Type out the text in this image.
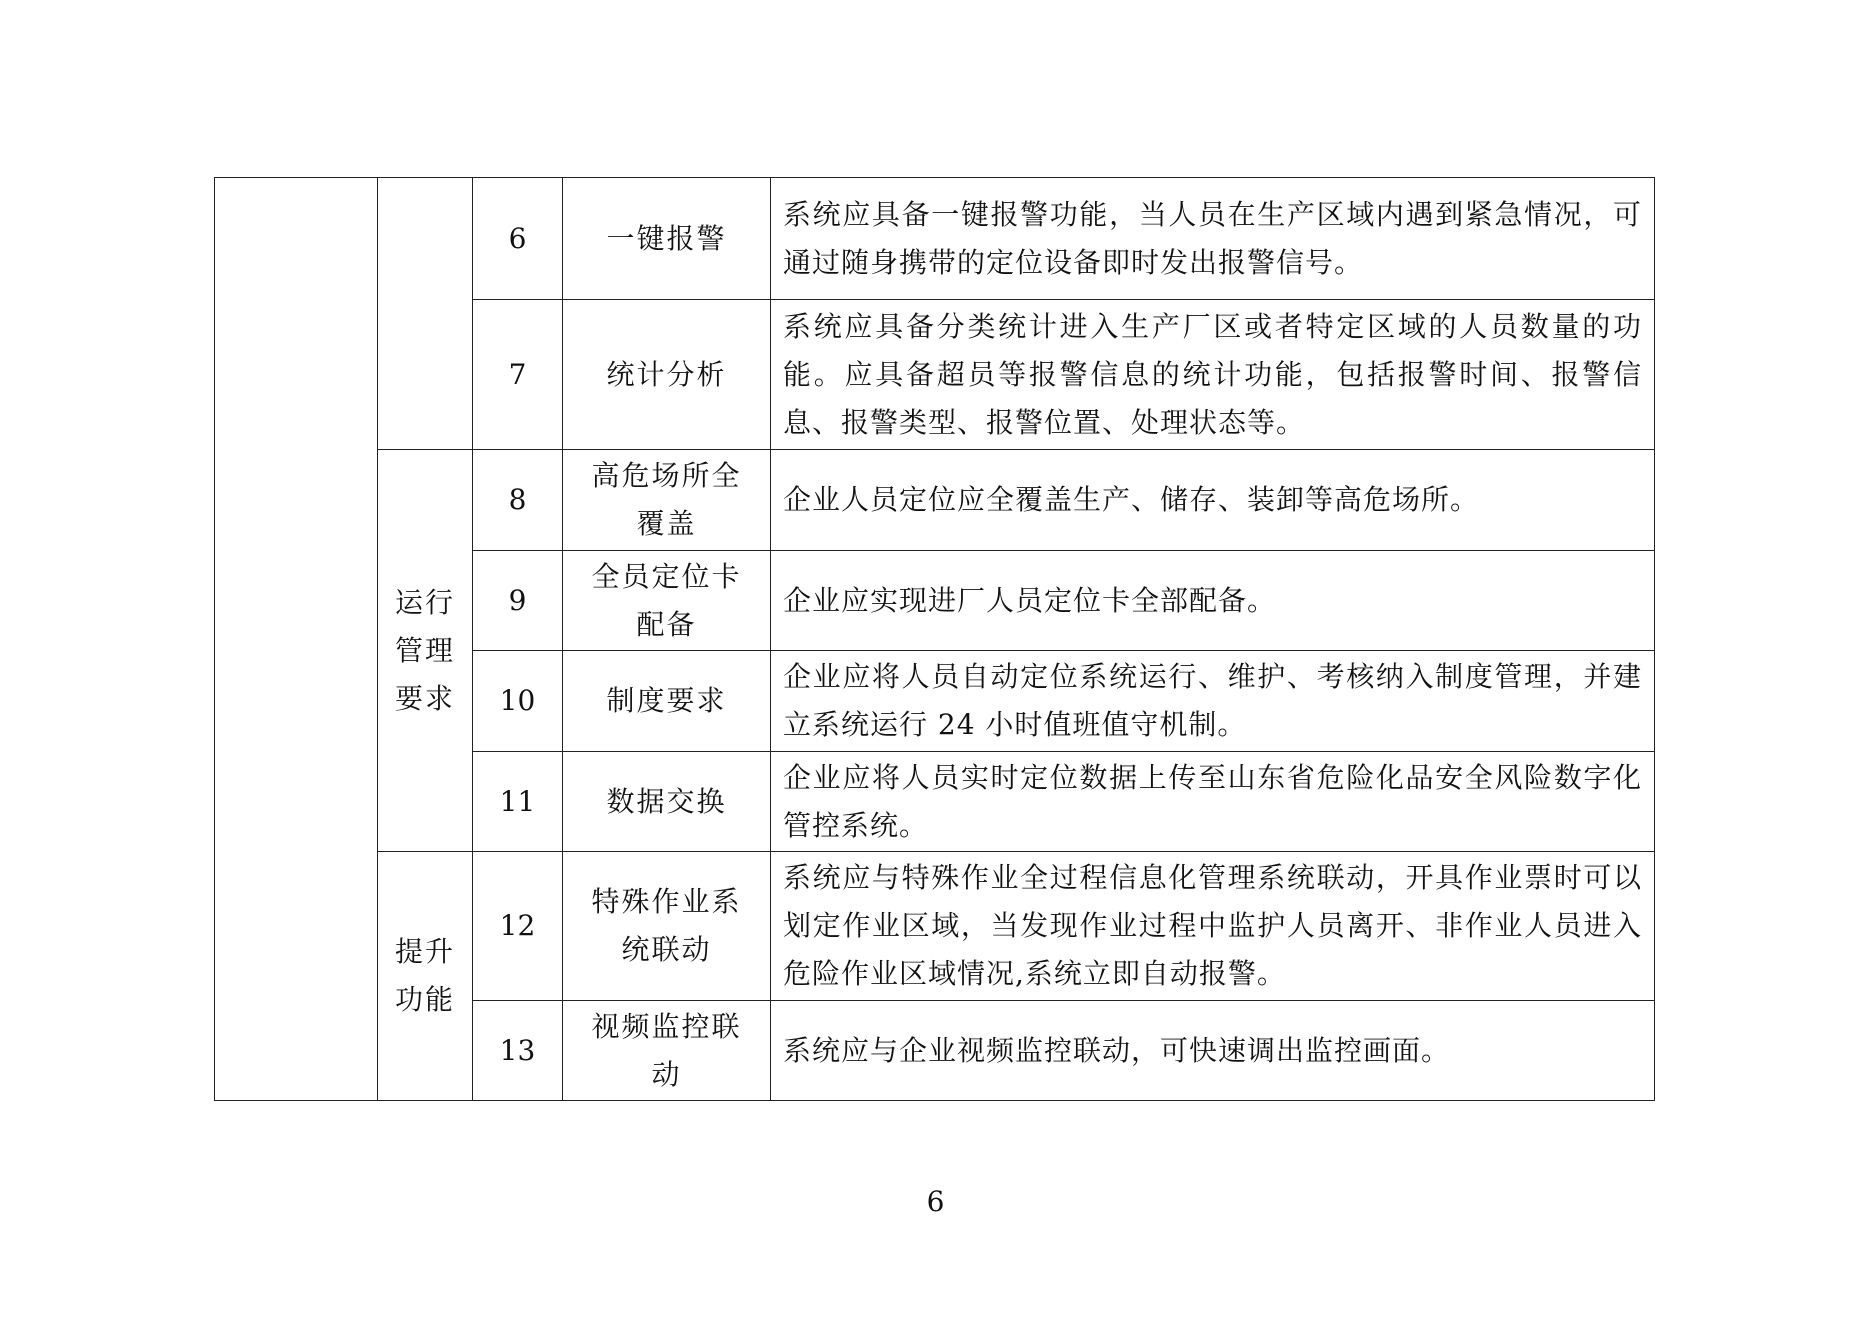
		6	一键报警	系统应具备一键报警功能，当人员在生产区域内遇到紧急情况，可通过随身携带的定位设备即时发出报警信号。
		7	统计分析	系统应具备分类统计进入生产厂区或者特定区域的人员数量的功能。应具备超员等报警信息的统计功能，包括报警时间、报警信息、报警类型、报警位置、处理状态等。
	运行管理要求	8	高危场所全覆盖	企业人员定位应全覆盖生产、储存、装卸等高危场所。
		9	全员定位卡配备	企业应实现进厂人员定位卡全部配备。
		10	制度要求	企业应将人员自动定位系统运行、维护、考核纳入制度管理，并建立系统运行 24 小时值班值守机制。
		11	数据交换	企业应将人员实时定位数据上传至山东省危险化品安全风险数字化管控系统。
	提升功能	12	特殊作业系统联动	系统应与特殊作业全过程信息化管理系统联动，开具作业票时可以划定作业区域，当发现作业过程中监护人员离开、非作业人员进入危险作业区域情况,系统立即自动报警。
		13	视频监控联动	系统应与企业视频监控联动，可快速调出监控画面。
6
